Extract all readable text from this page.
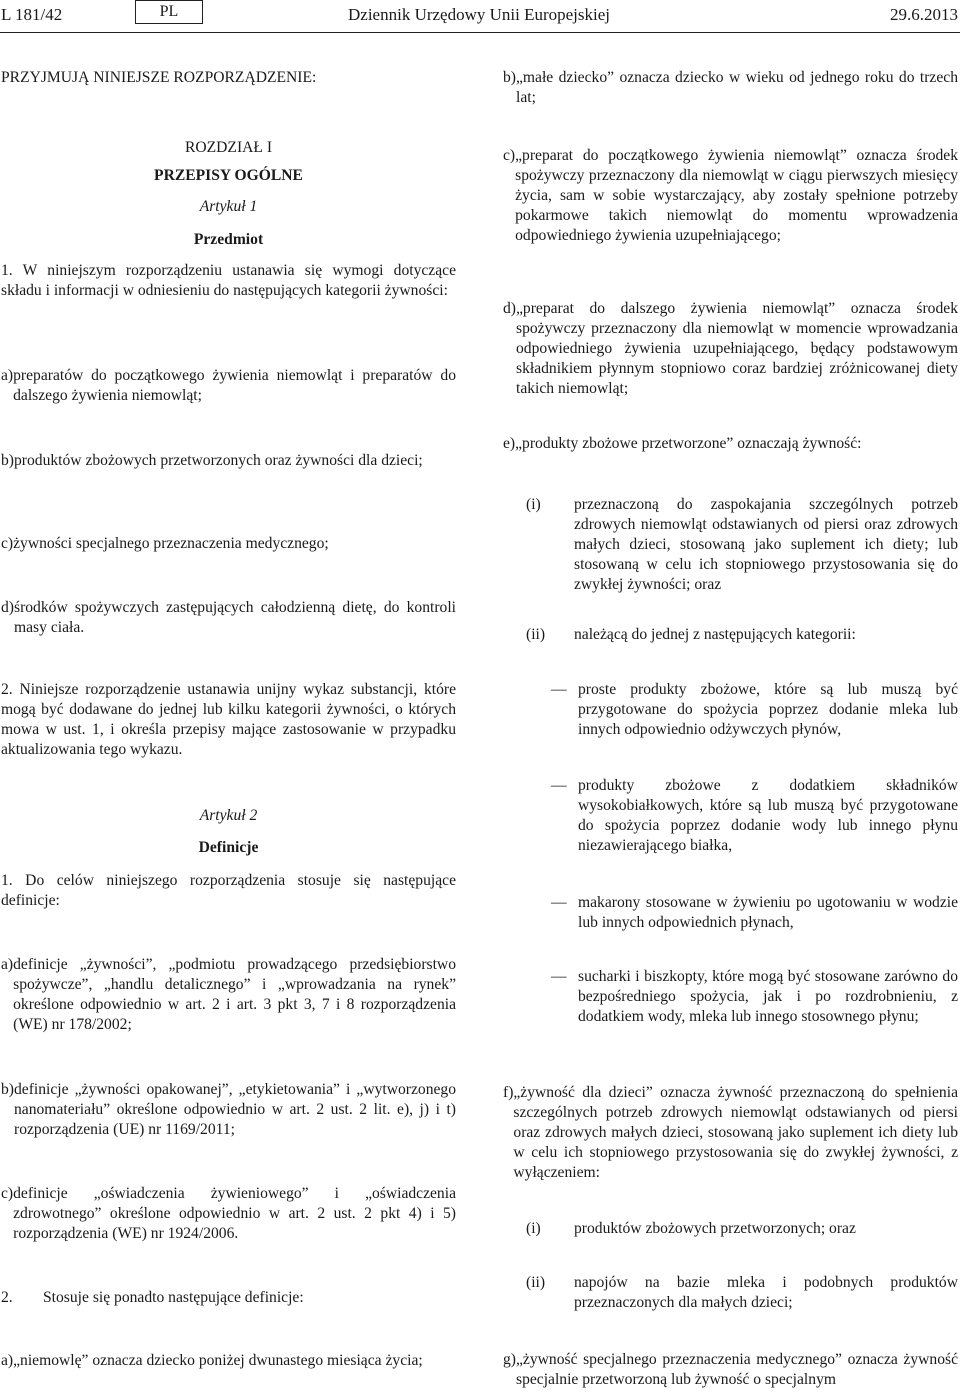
L 181/42	PL	Dziennik Urzędowy Unii Europejskiej	29.6.2013
PRZYJMUJĄ NINIEJSZE ROZPORZĄDZENIE:
ROZDZIAŁ I
PRZEPISY OGÓLNE
Artykuł 1
Przedmiot
1. W niniejszym rozporządzeniu ustanawia się wymogi dotyczące składu i informacji w odniesieniu do następujących kategorii żywności:
a) preparatów do początkowego żywienia niemowląt i preparatów do dalszego żywienia niemowląt;
b) produktów zbożowych przetworzonych oraz żywności dla dzieci;
c) żywności specjalnego przeznaczenia medycznego;
d) środków spożywczych zastępujących całodzienną dietę, do kontroli masy ciała.
2. Niniejsze rozporządzenie ustanawia unijny wykaz substancji, które mogą być dodawane do jednej lub kilku kategorii żywności, o których mowa w ust. 1, i określa przepisy mające zastosowanie w przypadku aktualizowania tego wykazu.
Artykuł 2
Definicje
1. Do celów niniejszego rozporządzenia stosuje się następujące definicje:
a) definicje „żywności”, „podmiotu prowadzącego przedsiębiorstwo spożywcze”, „handlu detalicznego” i „wprowadzania na rynek” określone odpowiednio w art. 2 i art. 3 pkt 3, 7 i 8 rozporządzenia (WE) nr 178/2002;
b) definicje „żywności opakowanej”, „etykietowania” i „wytworzonego nanomateriału” określone odpowiednio w art. 2 ust. 2 lit. e), j) i t) rozporządzenia (UE) nr 1169/2011;
c) definicje „oświadczenia żywieniowego” i „oświadczenia zdrowotnego” określone odpowiednio w art. 2 ust. 2 pkt 4) i 5) rozporządzenia (WE) nr 1924/2006.
2.	Stosuje się ponadto następujące definicje:
a) „niemowlę” oznacza dziecko poniżej dwunastego miesiąca życia;
b) „małe dziecko” oznacza dziecko w wieku od jednego roku do trzech lat;
c) „preparat do początkowego żywienia niemowląt” oznacza środek spożywczy przeznaczony dla niemowląt w ciągu pierwszych miesięcy życia, sam w sobie wystarczający, aby zostały spełnione potrzeby pokarmowe takich niemowląt do momentu wprowadzenia odpowiedniego żywienia uzupełniającego;
d) „preparat do dalszego żywienia niemowląt” oznacza środek spożywczy przeznaczony dla niemowląt w momencie wprowadzania odpowiedniego żywienia uzupełniającego, będący podstawowym składnikiem płynnym stopniowo coraz bardziej zróżnicowanej diety takich niemowląt;
e) „produkty zbożowe przetworzone” oznaczają żywność:
(i)	przeznaczoną do zaspokajania szczególnych potrzeb zdrowych niemowląt odstawianych od piersi oraz zdrowych małych dzieci, stosowaną jako suplement ich diety; lub stosowaną w celu ich stopniowego przystosowania się do zwykłej żywności; oraz
(ii)	należącą do jednej z następujących kategorii:
— proste produkty zbożowe, które są lub muszą być przygotowane do spożycia poprzez dodanie mleka lub innych odpowiednio odżywczych płynów,
— produkty zbożowe z dodatkiem składników wysokobiałkowych, które są lub muszą być przygotowane do spożycia poprzez dodanie wody lub innego płynu niezawierającego białka,
— makarony stosowane w żywieniu po ugotowaniu w wodzie lub innych odpowiednich płynach,
— sucharki i biszkopty, które mogą być stosowane zarówno do bezpośredniego spożycia, jak i po rozdrobnieniu, z dodatkiem wody, mleka lub innego stosownego płynu;
f) „żywność dla dzieci” oznacza żywność przeznaczoną do spełnienia szczególnych potrzeb zdrowych niemowląt odstawianych od piersi oraz zdrowych małych dzieci, stosowaną jako suplement ich diety lub w celu ich stopniowego przystosowania się do zwykłej żywności, z wyłączeniem:
(i)	produktów zbożowych przetworzonych; oraz
(ii)	napojów na bazie mleka i podobnych produktów przeznaczonych dla małych dzieci;
g) „żywność specjalnego przeznaczenia medycznego” oznacza żywność specjalnie przetworzoną lub żywność o specjalnym
